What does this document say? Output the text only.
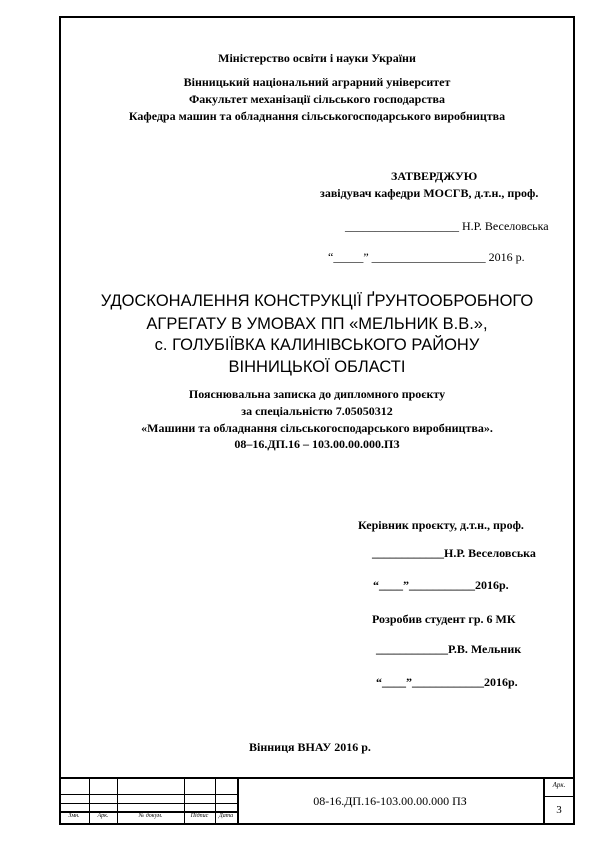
Міністерство освіти і науки України
Вінницький національний аграрний університет
Факультет механізації сільського господарства
Кафедра машин та обладнання сільськогосподарського виробництва
ЗАТВЕРДЖУЮ
завідувач кафедри МОСГВ, д.т.н., проф.
___________________ Н.Р. Веселовська
“_____” ___________________ 2016 р.
УДОСКОНАЛЕННЯ КОНСТРУКЦІЇ ҐРУНТООБРОБНОГО
АГРЕГАТУ В УМОВАХ ПП «МЕЛЬНИК В.В.»,
с. ГОЛУБІЇВКА КАЛИНІВСЬКОГО РАЙОНУ
ВІННИЦЬКОЇ ОБЛАСТІ
Пояснювальна записка до дипломного проєкту
за спеціальністю 7.05050312
«Машини та обладнання сільськогосподарського виробництва».
08–16.ДП.16 – 103.00.00.000.ПЗ
Керівник проєкту, д.т.н., проф.
____________Н.Р. Веселовська
“____”___________2016р.
Розробив студент гр. 6 МК
____________Р.В. Мельник
“____”____________2016р.
Вінниця ВНАУ 2016 р.
Змн.	Арк.	№ докум.	Підпис	Дата
08-16.ДП.16-103.00.00.000 ПЗ
Арк.
3
